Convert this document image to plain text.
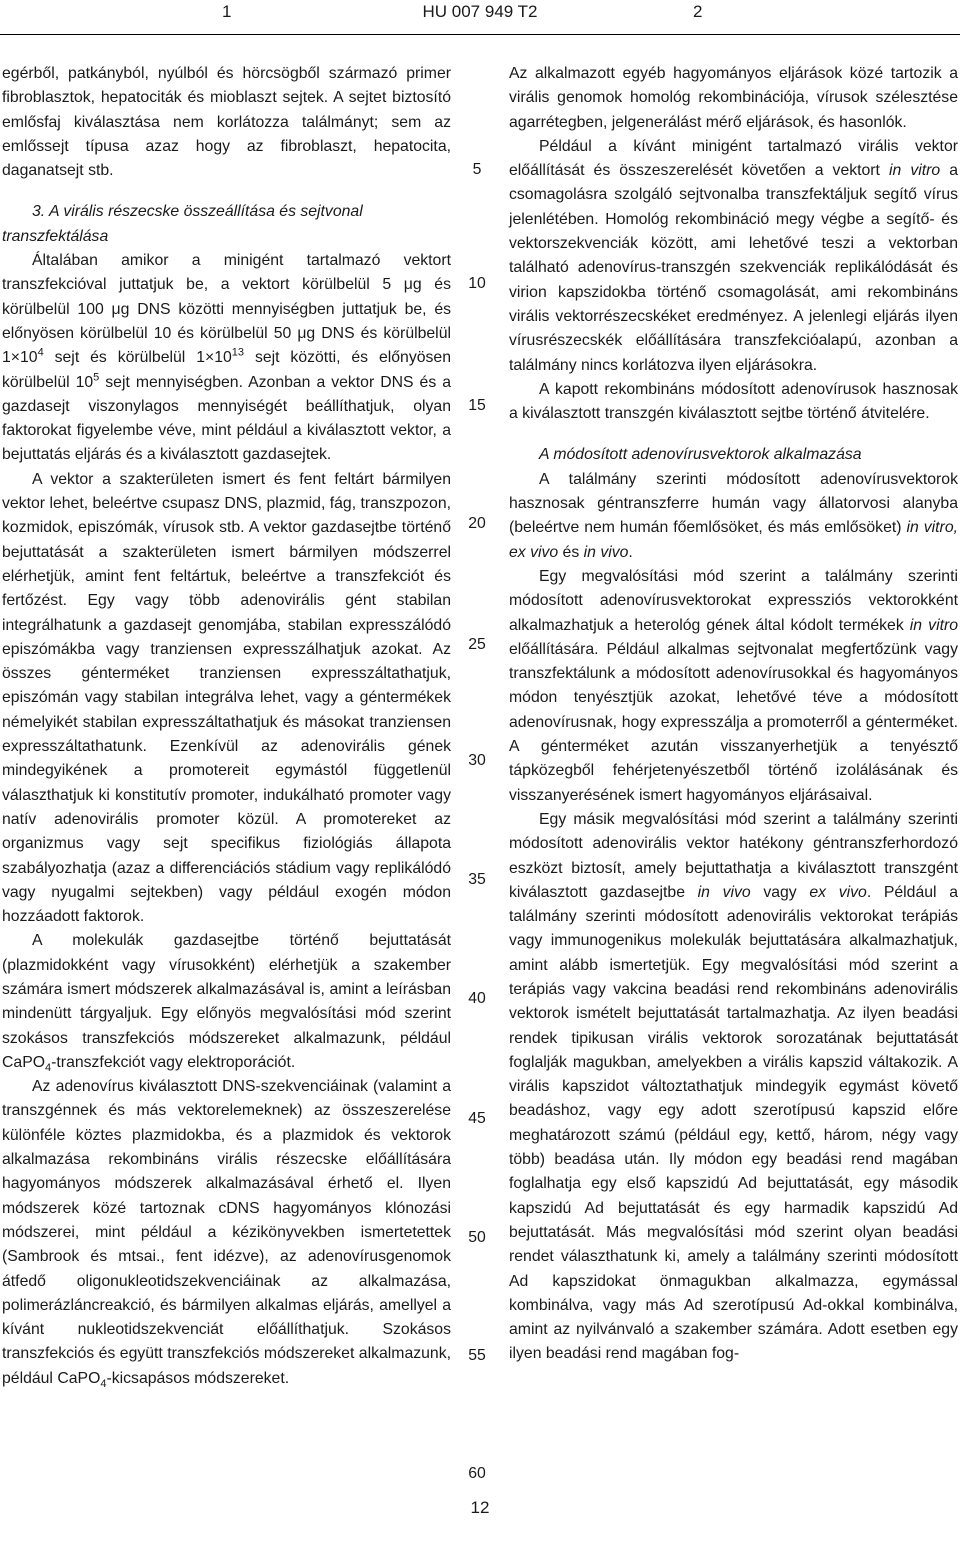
1	HU 007 949 T2	2

egérből, patkányból, nyúlból és hörcsögből származó primer fibroblasztok, hepatociták és mioblaszt sejtek. A sejtet biztosító emlősfaj kiválasztása nem korlátozza találmányt; sem az emlőssejt típusa azaz hogy az fibroblaszt, hepatocita, daganatsejt stb.

3. A virális részecske összeállítása és sejtvonal transzfektálása

Általában amikor a minigént tartalmazó vektort transzfekcióval juttatjuk be, a vektort körülbelül 5 μg és körülbelül 100 μg DNS közötti mennyiségben juttatjuk be, és előnyösen körülbelül 10 és körülbelül 50 μg DNS és körülbelül $1\times 10^4$ sejt és körülbelül $1\times 10^{13}$ sejt közötti, és előnyösen körülbelül $10^5$ sejt mennyiségben. Azonban a vektor DNS és a gazdasejt viszonylagos mennyiségét beállíthatjuk, olyan faktorokat figyelembe véve, mint például a kiválasztott vektor, a bejuttatás eljárás és a kiválasztott gazdasejtek.

A vektor a szakterületen ismert és fent feltárt bármilyen vektor lehet, beleértve csupasz DNS, plazmid, fág, transzpozon, kozmidok, episzómák, vírusok stb. A vektor gazdasejtbe történő bejuttatását a szakterületen ismert bármilyen módszerrel elérhetjük, amint fent feltártuk, beleértve a transzfekciót és fertőzést. Egy vagy több adenovirális gént stabilan integrálhatunk a gazdasejt genomjába, stabilan expresszálódó episzómákba vagy tranziensen expresszálhatjuk azokat. Az összes génterméket tranziensen expresszáltathatjuk, episzómán vagy stabilan integrálva lehet, vagy a géntermékek némelyikét stabilan expresszáltathatjuk és másokat tranziensen expresszáltathatunk. Ezenkívül az adenovirális gének mindegyikének a promotereit egymástól függetlenül választhatjuk ki konstitutív promoter, indukálható promoter vagy natív adenovirális promoter közül. A promotereket az organizmus vagy sejt specifikus fiziológiás állapota szabályozhatja (azaz a differenciációs stádium vagy replikálódó vagy nyugalmi sejtekben) vagy például exogén módon hozzáadott faktorok.

A molekulák gazdasejtbe történő bejuttatását (plazmidokként vagy vírusokként) elérhetjük a szakember számára ismert módszerek alkalmazásával is, amint a leírásban mindenütt tárgyaljuk. Egy előnyös megvalósítási mód szerint szokásos transzfekciós módszereket alkalmazunk, például CaPO$_4$-transzfekciót vagy elektroporációt.

Az adenovírus kiválasztott DNS-szekvenciáinak (valamint a transzgénnek és más vektorelemeknek) az összeszerelése különféle köztes plazmidokba, és a plazmidok és vektorok alkalmazása rekombináns virális részecske előállítására hagyományos módszerek alkalmazásával érhető el. Ilyen módszerek közé tartoznak cDNS hagyományos klónozási módszerei, mint például a kézikönyvekben ismertetettek (Sambrook és mtsai., fent idézve), az adenovírusgenomok átfedő oligonukleotidszekvenciáinak az alkalmazása, polimerázláncreakció, és bármilyen alkalmas eljárás, amellyel a kívánt nukleotidszekvenciát előállíthatjuk. Szokásos transzfekciós és együtt transzfekciós módszereket alkalmazunk, például CaPO$_4$-kicsapásos módszereket.

Az alkalmazott egyéb hagyományos eljárások közé tartozik a virális genomok homológ rekombinációja, vírusok szélesztése agarrétegben, jelgenerálást mérő eljárások, és hasonlók.

Például a kívánt minigént tartalmazó virális vektor előállítását és összeszerelését követően a vektort in vitro a csomagolásra szolgáló sejtvonalba transzfektáljuk segítő vírus jelenlétében. Homológ rekombináció megy végbe a segítő- és vektorszekvenciák között, ami lehetővé teszi a vektorban található adenovírus-transzgén szekvenciák replikálódását és virion kapszidokba történő csomagolását, ami rekombináns virális vektorrészecskéket eredményez. A jelenlegi eljárás ilyen vírusrészecskék előállítására transzfekcióalapú, azonban a találmány nincs korlátozva ilyen eljárásokra.

A kapott rekombináns módosított adenovírusok hasznosak a kiválasztott transzgén kiválasztott sejtbe történő átvitelére.

A módosított adenovírusvektorok alkalmazása

A találmány szerinti módosított adenovírusvektorok hasznosak géntranszferre humán vagy állatorvosi alanyba (beleértve nem humán főemlősöket, és más emlősöket) in vitro, ex vivo és in vivo.

Egy megvalósítási mód szerint a találmány szerinti módosított adenovírusvektorokat expressziós vektorokként alkalmazhatjuk a heterológ gének által kódolt termékek in vitro előállítására. Például alkalmas sejtvonalat megfertőzünk vagy transzfektálunk a módosított adenovírusokkal és hagyományos módon tenyésztjük azokat, lehetővé téve a módosított adenovírusnak, hogy expresszálja a promoterről a génterméket. A génterméket azután visszanyerhetjük a tenyésztő tápközegből fehérjetenyészetből történő izolálásának és visszanyerésének ismert hagyományos eljárásaival.

Egy másik megvalósítási mód szerint a találmány szerinti módosított adenovirális vektor hatékony géntranszferhordozó eszközt biztosít, amely bejuttathatja a kiválasztott transzgént kiválasztott gazdasejtbe in vivo vagy ex vivo. Például a találmány szerinti módosított adenovirális vektorokat terápiás vagy immunogenikus molekulák bejuttatására alkalmazhatjuk, amint alább ismertetjük. Egy megvalósítási mód szerint a terápiás vagy vakcina beadási rend rekombináns adenovirális vektorok ismételt bejuttatását tartalmazhatja. Az ilyen beadási rendek tipikusan virális vektorok sorozatának bejuttatását foglalják magukban, amelyekben a virális kapszid váltakozik. A virális kapszidot változtathatjuk mindegyik egymást követő beadáshoz, vagy egy adott szerotípusú kapszid előre meghatározott számú (például egy, kettő, három, négy vagy több) beadása után. Ily módon egy beadási rend magában foglalhatja egy első kapszidú Ad bejuttatását, egy második kapszidú Ad bejuttatását és egy harmadik kapszidú Ad bejuttatását. Más megvalósítási mód szerint olyan beadási rendet választhatunk ki, amely a találmány szerinti módosított Ad kapszidokat önmagukban alkalmazza, egymással kombinálva, vagy más Ad szerotípusú Ad-okkal kombinálva, amint az nyilvánvaló a szakember számára. Adott esetben egy ilyen beadási rend magában fog-

5
10
15
20
25
30
35
40
45
50
55
60
12
